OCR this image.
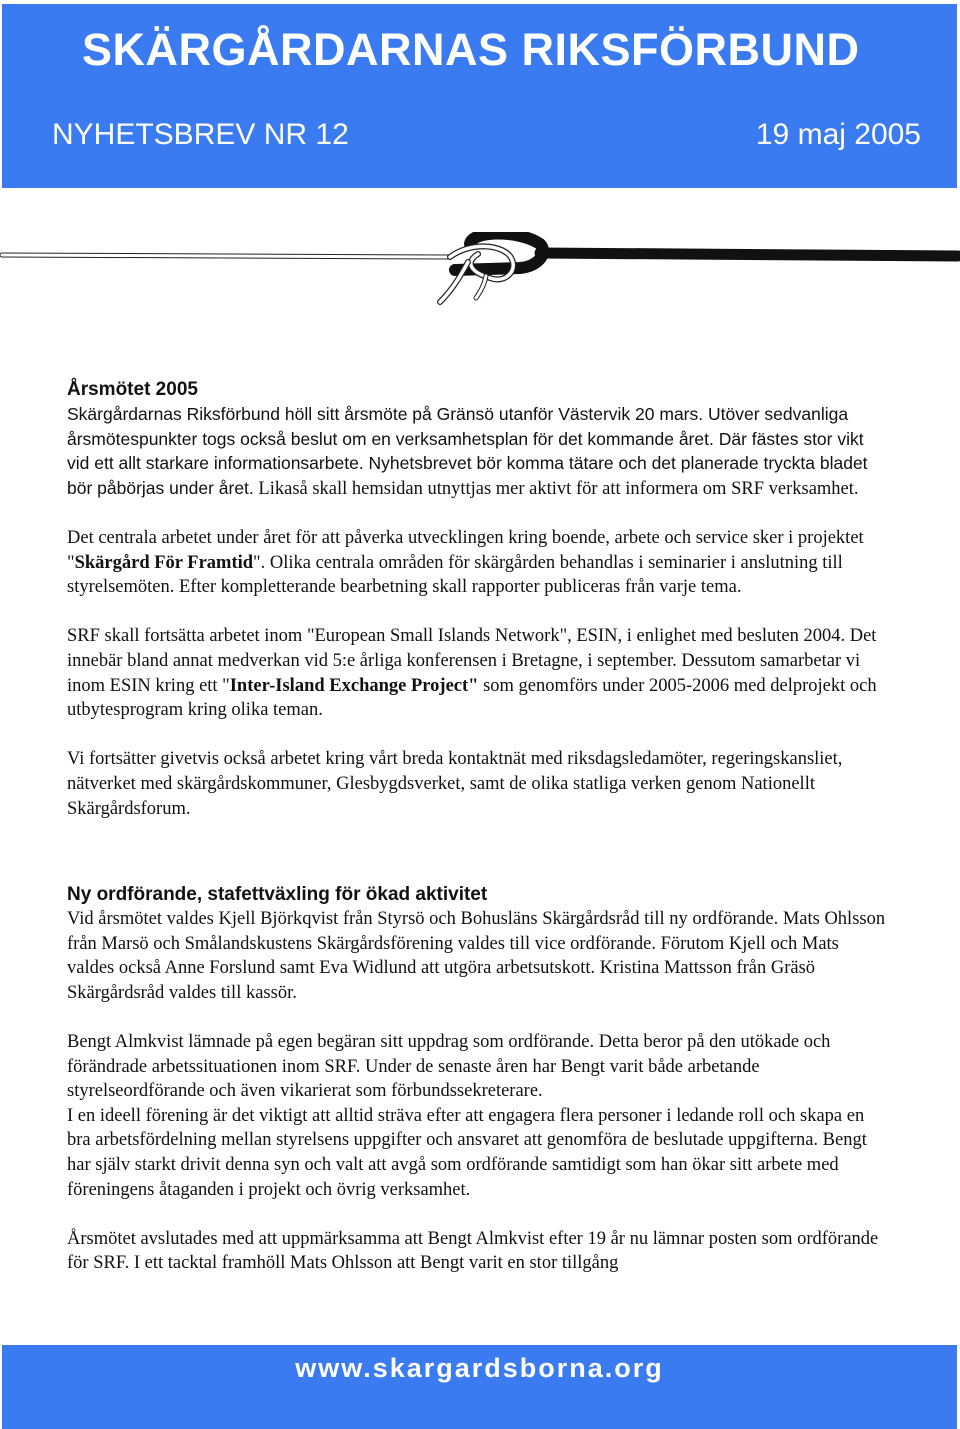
SKÄRGÅRDARNAS RIKSFÖRBUND
NYHETSBREV NR 12	19 maj 2005
Årsmötet 2005

Skärgårdarnas Riksförbund höll sitt årsmöte på Gränsö utanför Västervik 20 mars. Utöver sedvanliga årsmötespunkter togs också beslut om en verksamhetsplan för det kommande året. Där fästes stor vikt vid ett allt starkare informationsarbete. Nyhetsbrevet bör komma tätare och det planerade tryckta bladet bör påbörjas under året. Likaså skall hemsidan utnyttjas mer aktivt för att informera om SRF verksamhet.

Det centrala arbetet under året för att påverka utvecklingen kring boende, arbete och service sker i projektet "Skärgård För Framtid". Olika centrala områden för skärgården behandlas i seminarier i anslutning till styrelsemöten. Efter kompletterande bearbetning skall rapporter publiceras från varje tema.

SRF skall fortsätta arbetet inom "European Small Islands Network", ESIN, i enlighet med besluten 2004. Det innebär bland annat medverkan vid 5:e årliga konferensen i Bretagne, i september. Dessutom samarbetar vi inom ESIN kring ett "Inter-Island Exchange Project" som genomförs under 2005-2006 med delprojekt och utbytesprogram kring olika teman.

Vi fortsätter givetvis också arbetet kring vårt breda kontaktnät med riksdagsledamöter, regeringskansliet, nätverket med skärgårdskommuner, Glesbygdsverket, samt de olika statliga verken genom Nationellt Skärgårdsforum.

Ny ordförande, stafettväxling för ökad aktivitet

Vid årsmötet valdes Kjell Björkqvist från Styrsö och Bohusläns Skärgårdsråd till ny ordförande. Mats Ohlsson från Marsö och Smålandskustens Skärgårdsförening valdes till vice ordförande. Förutom Kjell och Mats valdes också Anne Forslund samt Eva Widlund att utgöra arbetsutskott. Kristina Mattsson från Gräsö Skärgårdsråd valdes till kassör.

Bengt Almkvist lämnade på egen begäran sitt uppdrag som ordförande. Detta beror på den utökade och förändrade arbetssituationen inom SRF. Under de senaste åren har Bengt varit både arbetande styrelseordförande och även vikarierat som förbundssekreterare.

I en ideell förening är det viktigt att alltid sträva efter att engagera flera personer i ledande roll och skapa en bra arbetsfördelning mellan styrelsens uppgifter och ansvaret att genomföra de beslutade uppgifterna. Bengt har själv starkt drivit denna syn och valt att avgå som ordförande samtidigt som han ökar sitt arbete med föreningens åtaganden i projekt och övrig verksamhet.

Årsmötet avslutades med att uppmärksamma att Bengt Almkvist efter 19 år nu lämnar posten som ordförande för SRF. I ett tacktal framhöll Mats Ohlsson att Bengt varit en stor tillgång

www.skargardsborna.org
